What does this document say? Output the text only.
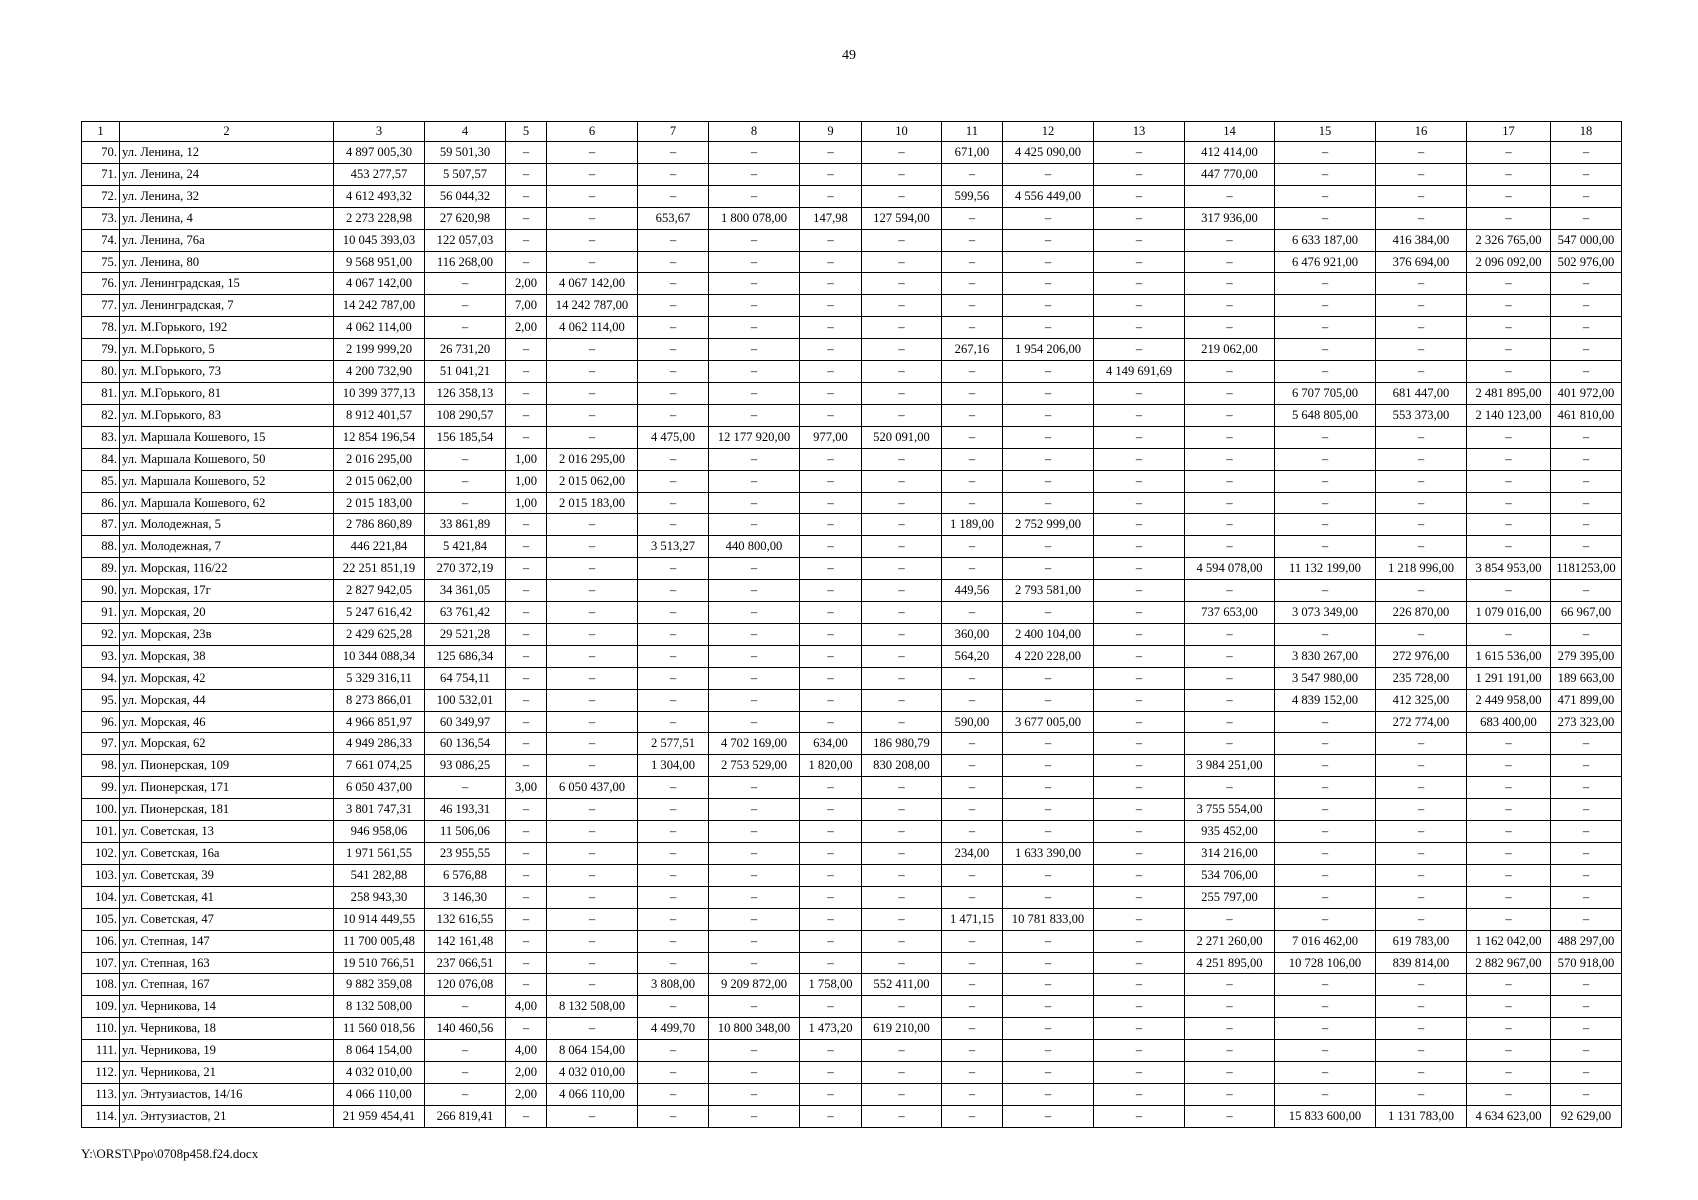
49
1	2	3	4	5	6	7	8	9	10	11	12	13	14	15	16	17	18
70.	ул. Ленина, 12	4 897 005,30	59 501,30	–	–	–	–	–	–	671,00	4 425 090,00	–	412 414,00	–	–	–	–
71.	ул. Ленина, 24	453 277,57	5 507,57	–	–	–	–	–	–	–	–	–	447 770,00	–	–	–	–
72.	ул. Ленина, 32	4 612 493,32	56 044,32	–	–	–	–	–	–	599,56	4 556 449,00	–	–	–	–	–	–
73.	ул. Ленина, 4	2 273 228,98	27 620,98	–	–	653,67	1 800 078,00	147,98	127 594,00	–	–	–	317 936,00	–	–	–	–
74.	ул. Ленина, 76а	10 045 393,03	122 057,03	–	–	–	–	–	–	–	–	–	–	6 633 187,00	416 384,00	2 326 765,00	547 000,00
75.	ул. Ленина, 80	9 568 951,00	116 268,00	–	–	–	–	–	–	–	–	–	–	6 476 921,00	376 694,00	2 096 092,00	502 976,00
76.	ул. Ленинградская, 15	4 067 142,00	–	2,00	4 067 142,00	–	–	–	–	–	–	–	–	–	–	–	–
77.	ул. Ленинградская, 7	14 242 787,00	–	7,00	14 242 787,00	–	–	–	–	–	–	–	–	–	–	–	–
78.	ул. М.Горького, 192	4 062 114,00	–	2,00	4 062 114,00	–	–	–	–	–	–	–	–	–	–	–	–
79.	ул. М.Горького, 5	2 199 999,20	26 731,20	–	–	–	–	–	–	267,16	1 954 206,00	–	219 062,00	–	–	–	–
80.	ул. М.Горького, 73	4 200 732,90	51 041,21	–	–	–	–	–	–	–	–	4 149 691,69	–	–	–	–	–
81.	ул. М.Горького, 81	10 399 377,13	126 358,13	–	–	–	–	–	–	–	–	–	–	6 707 705,00	681 447,00	2 481 895,00	401 972,00
82.	ул. М.Горького, 83	8 912 401,57	108 290,57	–	–	–	–	–	–	–	–	–	–	5 648 805,00	553 373,00	2 140 123,00	461 810,00
83.	ул. Маршала Кошевого, 15	12 854 196,54	156 185,54	–	–	4 475,00	12 177 920,00	977,00	520 091,00	–	–	–	–	–	–	–	–
84.	ул. Маршала Кошевого, 50	2 016 295,00	–	1,00	2 016 295,00	–	–	–	–	–	–	–	–	–	–	–	–
85.	ул. Маршала Кошевого, 52	2 015 062,00	–	1,00	2 015 062,00	–	–	–	–	–	–	–	–	–	–	–	–
86.	ул. Маршала Кошевого, 62	2 015 183,00	–	1,00	2 015 183,00	–	–	–	–	–	–	–	–	–	–	–	–
87.	ул. Молодежная, 5	2 786 860,89	33 861,89	–	–	–	–	–	–	1 189,00	2 752 999,00	–	–	–	–	–	–
88.	ул. Молодежная, 7	446 221,84	5 421,84	–	–	3 513,27	440 800,00	–	–	–	–	–	–	–	–	–	–
89.	ул. Морская, 116/22	22 251 851,19	270 372,19	–	–	–	–	–	–	–	–	–	4 594 078,00	11 132 199,00	1 218 996,00	3 854 953,00	1181253,00
90.	ул. Морская, 17г	2 827 942,05	34 361,05	–	–	–	–	–	–	449,56	2 793 581,00	–	–	–	–	–	–
91.	ул. Морская, 20	5 247 616,42	63 761,42	–	–	–	–	–	–	–	–	–	737 653,00	3 073 349,00	226 870,00	1 079 016,00	66 967,00
92.	ул. Морская, 23в	2 429 625,28	29 521,28	–	–	–	–	–	–	360,00	2 400 104,00	–	–	–	–	–	–
93.	ул. Морская, 38	10 344 088,34	125 686,34	–	–	–	–	–	–	564,20	4 220 228,00	–	–	3 830 267,00	272 976,00	1 615 536,00	279 395,00
94.	ул. Морская, 42	5 329 316,11	64 754,11	–	–	–	–	–	–	–	–	–	–	3 547 980,00	235 728,00	1 291 191,00	189 663,00
95.	ул. Морская, 44	8 273 866,01	100 532,01	–	–	–	–	–	–	–	–	–	–	4 839 152,00	412 325,00	2 449 958,00	471 899,00
96.	ул. Морская, 46	4 966 851,97	60 349,97	–	–	–	–	–	–	590,00	3 677 005,00	–	–	–	272 774,00	683 400,00	273 323,00
97.	ул. Морская, 62	4 949 286,33	60 136,54	–	–	2 577,51	4 702 169,00	634,00	186 980,79	–	–	–	–	–	–	–	–
98.	ул. Пионерская, 109	7 661 074,25	93 086,25	–	–	1 304,00	2 753 529,00	1 820,00	830 208,00	–	–	–	3 984 251,00	–	–	–	–
99.	ул. Пионерская, 171	6 050 437,00	–	3,00	6 050 437,00	–	–	–	–	–	–	–	–	–	–	–	–
100.	ул. Пионерская, 181	3 801 747,31	46 193,31	–	–	–	–	–	–	–	–	–	3 755 554,00	–	–	–	–
101.	ул. Советская, 13	946 958,06	11 506,06	–	–	–	–	–	–	–	–	–	935 452,00	–	–	–	–
102.	ул. Советская, 16а	1 971 561,55	23 955,55	–	–	–	–	–	–	234,00	1 633 390,00	–	314 216,00	–	–	–	–
103.	ул. Советская, 39	541 282,88	6 576,88	–	–	–	–	–	–	–	–	–	534 706,00	–	–	–	–
104.	ул. Советская, 41	258 943,30	3 146,30	–	–	–	–	–	–	–	–	–	255 797,00	–	–	–	–
105.	ул. Советская, 47	10 914 449,55	132 616,55	–	–	–	–	–	–	1 471,15	10 781 833,00	–	–	–	–	–	–
106.	ул. Степная, 147	11 700 005,48	142 161,48	–	–	–	–	–	–	–	–	–	2 271 260,00	7 016 462,00	619 783,00	1 162 042,00	488 297,00
107.	ул. Степная, 163	19 510 766,51	237 066,51	–	–	–	–	–	–	–	–	–	4 251 895,00	10 728 106,00	839 814,00	2 882 967,00	570 918,00
108.	ул. Степная, 167	9 882 359,08	120 076,08	–	–	3 808,00	9 209 872,00	1 758,00	552 411,00	–	–	–	–	–	–	–	–
109.	ул. Черникова, 14	8 132 508,00	–	4,00	8 132 508,00	–	–	–	–	–	–	–	–	–	–	–	–
110.	ул. Черникова, 18	11 560 018,56	140 460,56	–	–	4 499,70	10 800 348,00	1 473,20	619 210,00	–	–	–	–	–	–	–	–
111.	ул. Черникова, 19	8 064 154,00	–	4,00	8 064 154,00	–	–	–	–	–	–	–	–	–	–	–	–
112.	ул. Черникова, 21	4 032 010,00	–	2,00	4 032 010,00	–	–	–	–	–	–	–	–	–	–	–	–
113.	ул. Энтузиастов, 14/16	4 066 110,00	–	2,00	4 066 110,00	–	–	–	–	–	–	–	–	–	–	–	–
114.	ул. Энтузиастов, 21	21 959 454,41	266 819,41	–	–	–	–	–	–	–	–	–	–	15 833 600,00	1 131 783,00	4 634 623,00	92 629,00
Y:\ORST\Ppo\0708p458.f24.docx
